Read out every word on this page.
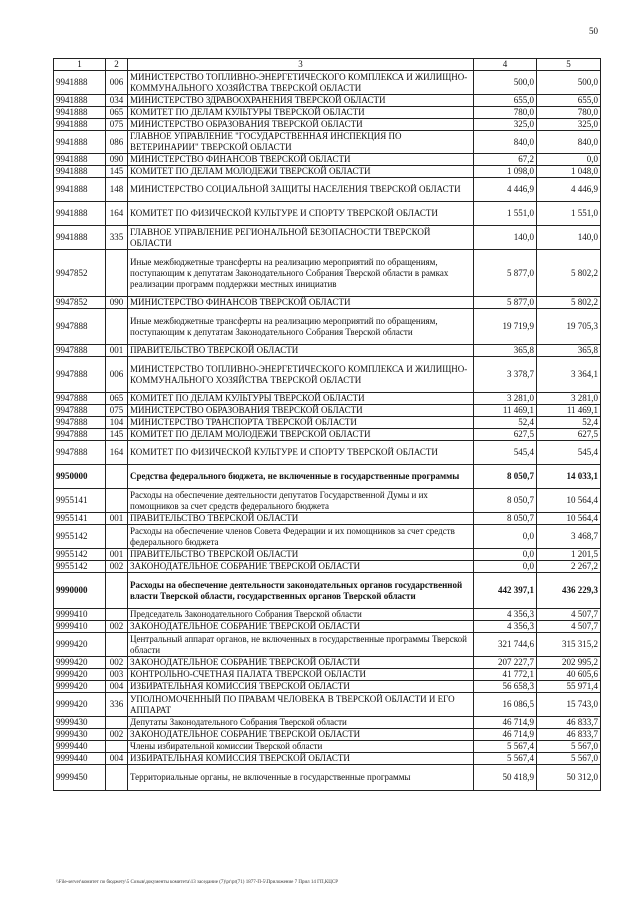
50
1	2	3	4	5
9941888	006	МИНИСТЕРСТВО ТОПЛИВНО-ЭНЕРГЕТИЧЕСКОГО КОМПЛЕКСА И ЖИЛИЩНО-КОММУНАЛЬНОГО ХОЗЯЙСТВА ТВЕРСКОЙ ОБЛАСТИ	500,0	500,0
9941888	034	МИНИСТЕРСТВО ЗДРАВООХРАНЕНИЯ ТВЕРСКОЙ ОБЛАСТИ	655,0	655,0
9941888	065	КОМИТЕТ ПО ДЕЛАМ КУЛЬТУРЫ ТВЕРСКОЙ ОБЛАСТИ	780,0	780,0
9941888	075	МИНИСТЕРСТВО ОБРАЗОВАНИЯ ТВЕРСКОЙ ОБЛАСТИ	325,0	325,0
9941888	086	ГЛАВНОЕ УПРАВЛЕНИЕ "ГОСУДАРСТВЕННАЯ ИНСПЕКЦИЯ ПО ВЕТЕРИНАРИИ" ТВЕРСКОЙ ОБЛАСТИ	840,0	840,0
9941888	090	МИНИСТЕРСТВО ФИНАНСОВ ТВЕРСКОЙ ОБЛАСТИ	67,2	0,0
9941888	145	КОМИТЕТ ПО ДЕЛАМ МОЛОДЕЖИ ТВЕРСКОЙ ОБЛАСТИ	1 098,0	1 048,0
9941888	148	МИНИСТЕРСТВО СОЦИАЛЬНОЙ ЗАЩИТЫ НАСЕЛЕНИЯ ТВЕРСКОЙ ОБЛАСТИ	4 446,9	4 446,9
9941888	164	КОМИТЕТ ПО ФИЗИЧЕСКОЙ КУЛЬТУРЕ И СПОРТУ ТВЕРСКОЙ ОБЛАСТИ	1 551,0	1 551,0
9941888	335	ГЛАВНОЕ УПРАВЛЕНИЕ РЕГИОНАЛЬНОЙ БЕЗОПАСНОСТИ ТВЕРСКОЙ ОБЛАСТИ	140,0	140,0
9947852		Иные межбюджетные трансферты на реализацию мероприятий по обращениям, поступающим к депутатам Законодательного Собрания Тверской области в рамках реализации программ поддержки местных инициатив	5 877,0	5 802,2
9947852	090	МИНИСТЕРСТВО ФИНАНСОВ ТВЕРСКОЙ ОБЛАСТИ	5 877,0	5 802,2
9947888		Иные межбюджетные трансферты на реализацию мероприятий по обращениям, поступающим к депутатам Законодательного Собрания Тверской области	19 719,9	19 705,3
9947888	001	ПРАВИТЕЛЬСТВО ТВЕРСКОЙ ОБЛАСТИ	365,8	365,8
9947888	006	МИНИСТЕРСТВО ТОПЛИВНО-ЭНЕРГЕТИЧЕСКОГО КОМПЛЕКСА И ЖИЛИЩНО-КОММУНАЛЬНОГО ХОЗЯЙСТВА ТВЕРСКОЙ ОБЛАСТИ	3 378,7	3 364,1
9947888	065	КОМИТЕТ ПО ДЕЛАМ КУЛЬТУРЫ ТВЕРСКОЙ ОБЛАСТИ	3 281,0	3 281,0
9947888	075	МИНИСТЕРСТВО ОБРАЗОВАНИЯ ТВЕРСКОЙ ОБЛАСТИ	11 469,1	11 469,1
9947888	104	МИНИСТЕРСТВО ТРАНСПОРТА ТВЕРСКОЙ ОБЛАСТИ	52,4	52,4
9947888	145	КОМИТЕТ ПО ДЕЛАМ МОЛОДЕЖИ ТВЕРСКОЙ ОБЛАСТИ	627,5	627,5
9947888	164	КОМИТЕТ ПО ФИЗИЧЕСКОЙ КУЛЬТУРЕ И СПОРТУ ТВЕРСКОЙ ОБЛАСТИ	545,4	545,4
9950000		Средства федерального бюджета, не включенные в государственные программы	8 050,7	14 033,1
9955141		Расходы на обеспечение деятельности депутатов Государственной Думы и их помощников за счет средств федерального бюджета	8 050,7	10 564,4
9955141	001	ПРАВИТЕЛЬСТВО ТВЕРСКОЙ ОБЛАСТИ	8 050,7	10 564,4
9955142		Расходы на обеспечение членов Совета Федерации и их помощников за счет средств федерального бюджета	0,0	3 468,7
9955142	001	ПРАВИТЕЛЬСТВО ТВЕРСКОЙ ОБЛАСТИ	0,0	1 201,5
9955142	002	ЗАКОНОДАТЕЛЬНОЕ СОБРАНИЕ ТВЕРСКОЙ ОБЛАСТИ	0,0	2 267,2
9990000		Расходы на обеспечение деятельности законодательных органов государственной власти Тверской области, государственных органов Тверской области	442 397,1	436 229,3
9999410		Председатель Законодательного Собрания Тверской области	4 356,3	4 507,7
9999410	002	ЗАКОНОДАТЕЛЬНОЕ СОБРАНИЕ ТВЕРСКОЙ ОБЛАСТИ	4 356,3	4 507,7
9999420		Центральный аппарат органов, не включенных в государственные программы Тверской области	321 744,6	315 315,2
9999420	002	ЗАКОНОДАТЕЛЬНОЕ СОБРАНИЕ ТВЕРСКОЙ ОБЛАСТИ	207 227,7	202 995,2
9999420	003	КОНТРОЛЬНО-СЧЕТНАЯ ПАЛАТА ТВЕРСКОЙ ОБЛАСТИ	41 772,1	40 605,6
9999420	004	ИЗБИРАТЕЛЬНАЯ КОМИССИЯ ТВЕРСКОЙ ОБЛАСТИ	56 658,3	55 971,4
9999420	336	УПОЛНОМОЧЕННЫЙ ПО ПРАВАМ ЧЕЛОВЕКА В ТВЕРСКОЙ ОБЛАСТИ И ЕГО АППАРАТ	16 086,5	15 743,0
9999430		Депутаты Законодательного Собрания Тверской области	46 714,9	46 833,7
9999430	002	ЗАКОНОДАТЕЛЬНОЕ СОБРАНИЕ ТВЕРСКОЙ ОБЛАСТИ	46 714,9	46 833,7
9999440		Члены избирательной комиссии Тверской области	5 567,4	5 567,0
9999440	004	ИЗБИРАТЕЛЬНАЯ КОМИССИЯ ТВЕРСКОЙ ОБЛАСТИ	5 567,4	5 567,0
9999450		Территориальные органы, не включенные в государственные программы	50 418,9	50 312,0
\\File-server\комитет по бюджету\5 Созыв\документы комитета\13 заседание (7)\pr\pr(71) 1877-П-5\Приложение 7 Прил 14 ГП,КЦСР
